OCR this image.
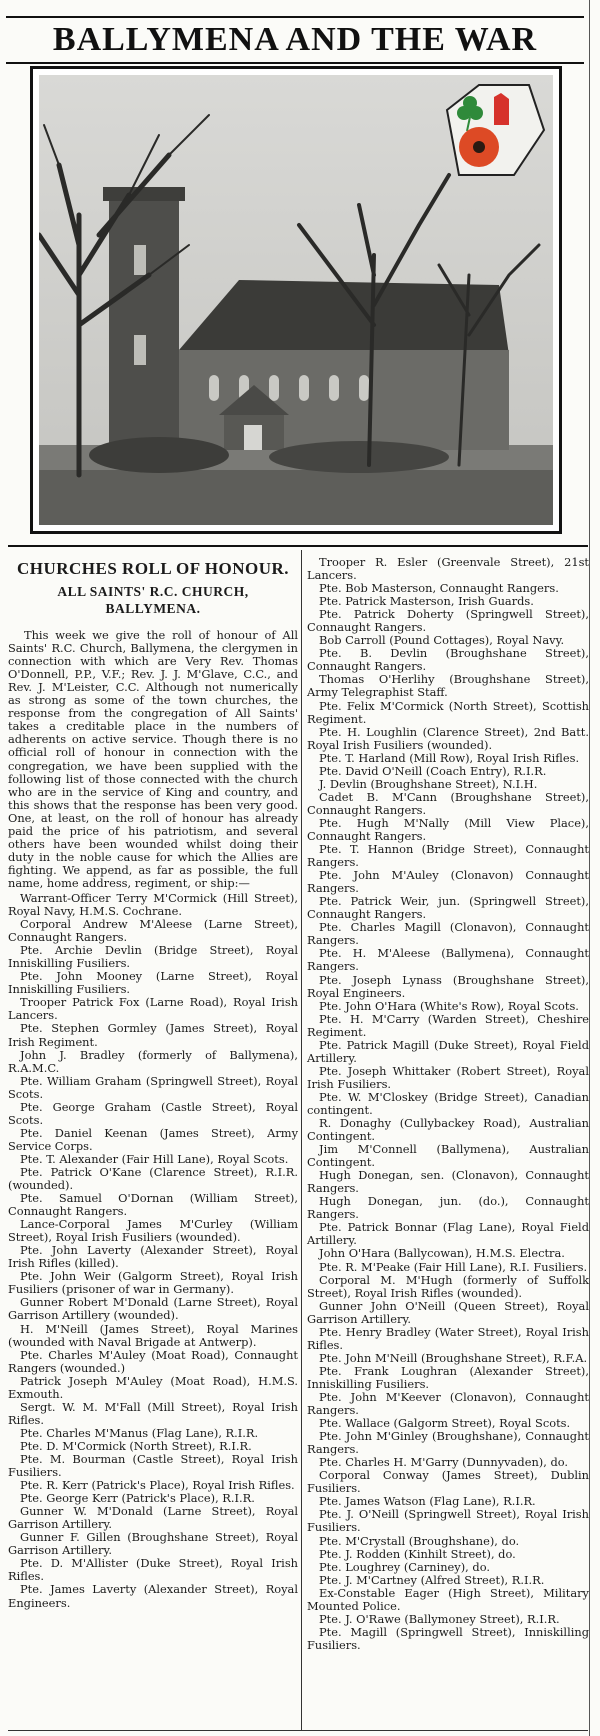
BALLYMENA AND THE WAR
CHURCHES ROLL OF HONOUR.
ALL SAINTS' R.C. CHURCH,
BALLYMENA.

This week we give the roll of honour of All Saints' R.C. Church, Ballymena, the clergymen in connection with which are Very Rev. Thomas O'Donnell, P.P., V.F.; Rev. J. J. M'Glave, C.C., and Rev. J. M'Leister, C.C. Although not numerically as strong as some of the town churches, the response from the congregation of All Saints' takes a creditable place in the numbers of adherents on active service. Though there is no official roll of honour in connection with the congregation, we have been supplied with the following list of those connected with the church who are in the service of King and country, and this shows that the response has been very good. One, at least, on the roll of honour has already paid the price of his patriotism, and several others have been wounded whilst doing their duty in the noble cause for which the Allies are fighting. We append, as far as possible, the full name, home address, regiment, or ship:—

Warrant-Officer Terry M'Cormick (Hill Street), Royal Navy, H.M.S. Cochrane.

Corporal Andrew M'Aleese (Larne Street), Connaught Rangers.

Pte. Archie Devlin (Bridge Street), Royal Inniskilling Fusiliers.

Pte. John Mooney (Larne Street), Royal Inniskilling Fusiliers.

Trooper Patrick Fox (Larne Road), Royal Irish Lancers.

Pte. Stephen Gormley (James Street), Royal Irish Regiment.

John J. Bradley (formerly of Ballymena), R.A.M.C.

Pte. William Graham (Springwell Street), Royal Scots.

Pte. George Graham (Castle Street), Royal Scots.

Pte. Daniel Keenan (James Street), Army Service Corps.

Pte. T. Alexander (Fair Hill Lane), Royal Scots.

Pte. Patrick O'Kane (Clarence Street), R.I.R. (wounded).

Pte. Samuel O'Dornan (William Street), Connaught Rangers.

Lance-Corporal James M'Curley (William Street), Royal Irish Fusiliers (wounded).

Pte. John Laverty (Alexander Street), Royal Irish Rifles (killed).

Pte. John Weir (Galgorm Street), Royal Irish Fusiliers (prisoner of war in Germany).

Gunner Robert M'Donald (Larne Street), Royal Garrison Artillery (wounded).

H. M'Neill (James Street), Royal Marines (wounded with Naval Brigade at Antwerp).

Pte. Charles M'Auley (Moat Road), Connaught Rangers (wounded.)

Patrick Joseph M'Auley (Moat Road), H.M.S. Exmouth.

Sergt. W. M. M'Fall (Mill Street), Royal Irish Rifles.

Pte. Charles M'Manus (Flag Lane), R.I.R.

Pte. D. M'Cormick (North Street), R.I.R.

Pte. M. Bourman (Castle Street), Royal Irish Fusiliers.

Pte. R. Kerr (Patrick's Place), Royal Irish Rifles.

Pte. George Kerr (Patrick's Place), R.I.R.

Gunner W. M'Donald (Larne Street), Royal Garrison Artillery.

Gunner F. Gillen (Broughshane Street), Royal Garrison Artillery.

Pte. D. M'Allister (Duke Street), Royal Irish Rifles.

Pte. James Laverty (Alexander Street), Royal Engineers.

Trooper R. Esler (Greenvale Street), 21st Lancers.

Pte. Bob Masterson, Connaught Rangers.

Pte. Patrick Masterson, Irish Guards.

Pte. Patrick Doherty (Springwell Street), Connaught Rangers.

Bob Carroll (Pound Cottages), Royal Navy.

Pte. B. Devlin (Broughshane Street), Connaught Rangers.

Thomas O'Herlihy (Broughshane Street), Army Telegraphist Staff.

Pte. Felix M'Cormick (North Street), Scottish Regiment.

Pte. H. Loughlin (Clarence Street), 2nd Batt. Royal Irish Fusiliers (wounded).

Pte. T. Harland (Mill Row), Royal Irish Rifles.

Pte. David O'Neill (Coach Entry), R.I.R.

J. Devlin (Broughshane Street), N.I.H.

Cadet B. M'Cann (Broughshane Street), Connaught Rangers.

Pte. Hugh M'Nally (Mill View Place), Connaught Rangers.

Pte. T. Hannon (Bridge Street), Connaught Rangers.

Pte. John M'Auley (Clonavon) Connaught Rangers.

Pte. Patrick Weir, jun. (Springwell Street), Connaught Rangers.

Pte. Charles Magill (Clonavon), Connaught Rangers.

Pte. H. M'Aleese (Ballymena), Connaught Rangers.

Pte. Joseph Lynass (Broughshane Street), Royal Engineers.

Pte. John O'Hara (White's Row), Royal Scots.

Pte. H. M'Carry (Warden Street), Cheshire Regiment.

Pte. Patrick Magill (Duke Street), Royal Field Artillery.

Pte. Joseph Whittaker (Robert Street), Royal Irish Fusiliers.

Pte. W. M'Closkey (Bridge Street), Canadian contingent.

R. Donaghy (Cullybackey Road), Australian Contingent.

Jim M'Connell (Ballymena), Australian Contingent.

Hugh Donegan, sen. (Clonavon), Connaught Rangers.

Hugh Donegan, jun. (do.), Connaught Rangers.

Pte. Patrick Bonnar (Flag Lane), Royal Field Artillery.

John O'Hara (Ballycowan), H.M.S. Electra.

Pte. R. M'Peake (Fair Hill Lane), R.I. Fusiliers.

Corporal M. M'Hugh (formerly of Suffolk Street), Royal Irish Rifles (wounded).

Gunner John O'Neill (Queen Street), Royal Garrison Artillery.

Pte. Henry Bradley (Water Street), Royal Irish Rifles.

Pte. John M'Neill (Broughshane Street), R.F.A.

Pte. Frank Loughran (Alexander Street), Inniskilling Fusiliers.

Pte. John M'Keever (Clonavon), Connaught Rangers.

Pte. Wallace (Galgorm Street), Royal Scots.

Pte. John M'Ginley (Broughshane), Connaught Rangers.

Pte. Charles H. M'Garry (Dunnyvaden), do.

Corporal Conway (James Street), Dublin Fusiliers.

Pte. James Watson (Flag Lane), R.I.R.

Pte. J. O'Neill (Springwell Street), Royal Irish Fusiliers.

Pte. M'Crystall (Broughshane), do.

Pte. J. Rodden (Kinhilt Street), do.

Pte. Loughrey (Carniney), do.

Pte. J. M'Cartney (Alfred Street), R.I.R.

Ex-Constable Eager (High Street), Military Mounted Police.

Pte. J. O'Rawe (Ballymoney Street), R.I.R.

Pte. Magill (Springwell Street), Inniskilling Fusiliers.
